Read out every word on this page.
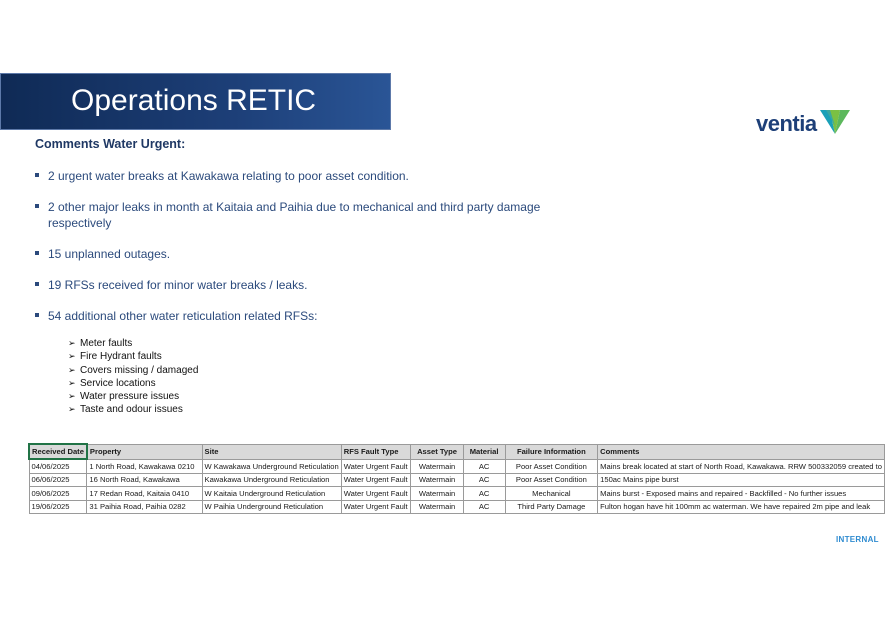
Operations RETIC
ventia
Comments Water Urgent:
2 urgent water breaks at Kawakawa relating to poor asset condition.
2 other major leaks in month at Kaitaia and Paihia due to mechanical and third party damage respectively
15 unplanned outages.
19 RFSs received for minor water breaks / leaks.
54 additional other water reticulation related RFSs:
➢ Meter faults
➢ Fire Hydrant faults
➢ Covers missing / damaged
➢ Service locations
➢ Water pressure issues
➢ Taste and odour issues
Received Date	Property	Site	RFS Fault Type	Asset Type	Material	Failure Information	Comments
04/06/2025	1 North Road, Kawakawa 0210	W Kawakawa Underground Reticulation	Water Urgent Fault	Watermain	AC	Poor Asset Condition	Mains break located at start of North Road, Kawakawa. RRW 500332059 created to
06/06/2025	16 North Road, Kawakawa	Kawakawa Underground Reticulation	Water Urgent Fault	Watermain	AC	Poor Asset Condition	150ac Mains pipe burst
09/06/2025	17 Redan Road, Kaitaia 0410	W Kaitaia Underground Reticulation	Water Urgent Fault	Watermain	AC	Mechanical	Mains burst - Exposed mains and repaired - Backfilled - No further issues
19/06/2025	31 Paihia Road, Paihia 0282	W Paihia Underground Reticulation	Water Urgent Fault	Watermain	AC	Third Party Damage	Fulton hogan have hit 100mm ac waterman. We have repaired 2m pipe and leak
INTERNAL
